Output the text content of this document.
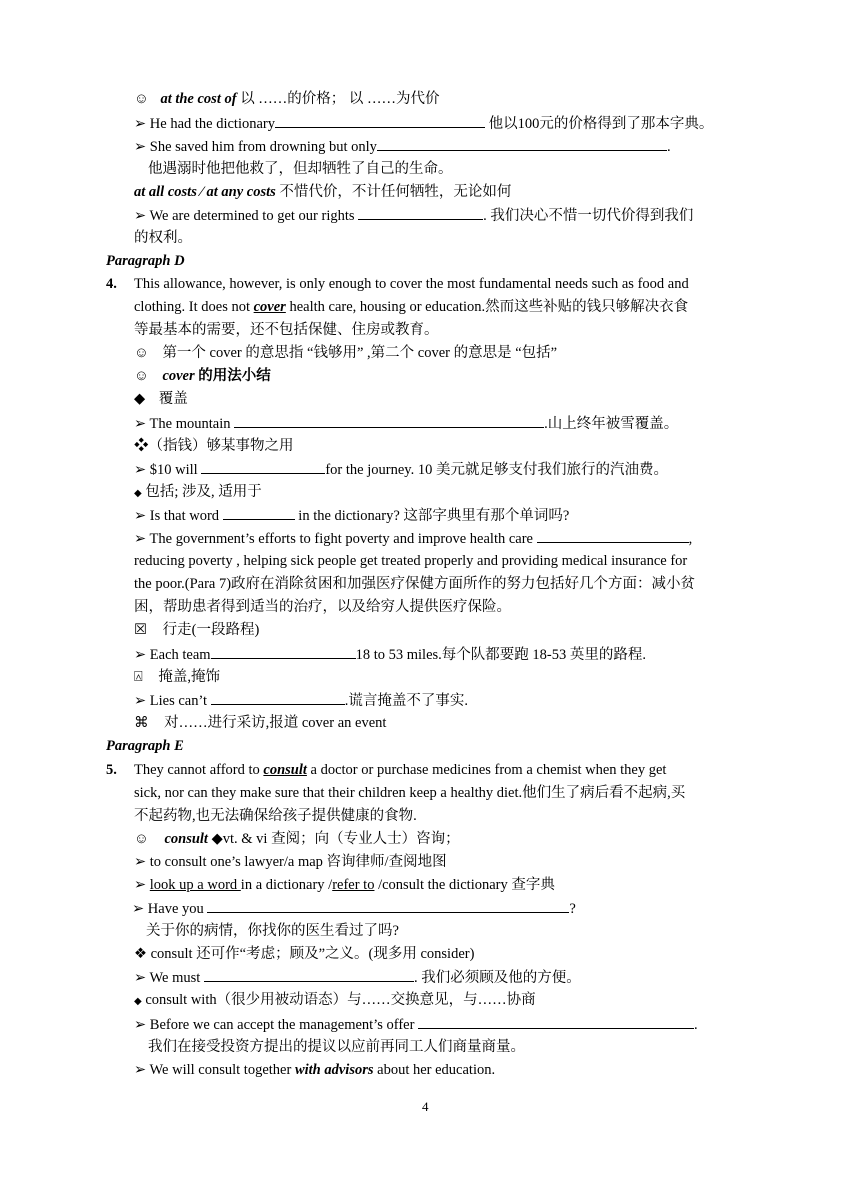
☺ at the cost of 以 ……的价格； 以 ……为代价
➢ He had the dictionary	他以100元的价格得到了那本字典。
➢ She saved him from drowning but only	.
他遇溺时他把他救了，但却牺牲了自己的生命。
at all costs ∕ at any costs 不惜代价，不计任何牺牲，无论如何
➢ We are determined to get our rights	. 我们决心不惜一切代价得到我们
的权利。
Paragraph D
4. This allowance, however, is only enough to cover the most fundamental needs such as food and
clothing. It does not cover health care, housing or education.然而这些补贴的钱只够解决衣食
等最基本的需要，还不包括保健、住房或教育。
☺ 第一个 cover 的意思指 “钱够用” ,第二个 cover 的意思是 “包括”
☺ cover 的用法小结
◆ 覆盖
➢ The mountain	.山上终年被雪覆盖。
❖（指钱）够某事物之用
➢ $10 will	for the journey. 10 美元就足够支付我们旅行的汽油费。
◆ 包括; 涉及, 适用于
➢ Is that word	in the dictionary? 这部字典里有那个单词吗?
➢ The government’s efforts to fight poverty and improve health care	,
reducing poverty , helping sick people get treated properly and providing medical insurance for
the poor.(Para 7)政府在消除贫困和加强医疗保健方面所作的努力包括好几个方面：减小贫
困，帮助患者得到适当的治疗，以及给穷人提供医疗保险。
☒ 行走(一段路程)
➢ Each team	18 to 53 miles.每个队都要跑 18-53 英里的路程.
⍓ 掩盖,掩饰
➢ Lies can’t	.谎言掩盖不了事实.
⌘ 对……进行采访,报道 cover an event
Paragraph E
5. They cannot afford to consult a doctor or purchase medicines from a chemist when they get
sick, nor can they make sure that their children keep a healthy diet.他们生了病后看不起病,买
不起药物,也无法确保给孩子提供健康的食物.
☺ consult ◆vt. & vi 查阅；向（专业人士）咨询；
➢ to consult one’s lawyer/a map 咨询律师/查阅地图
➢ look up a word in a dictionary /refer to /consult the dictionary 查字典
➢ Have you	?
关于你的病情，你找你的医生看过了吗?
❖ consult 还可作“考虑；顾及”之义。(现多用 consider)
➢ We must	. 我们必须顾及他的方便。
◆ consult with（很少用被动语态）与……交换意见，与……协商
➢ Before we can accept the management’s offer	.
我们在接受投资方提出的提议以应前再同工人们商量商量。
➢ We will consult together with advisors about her education.
4
